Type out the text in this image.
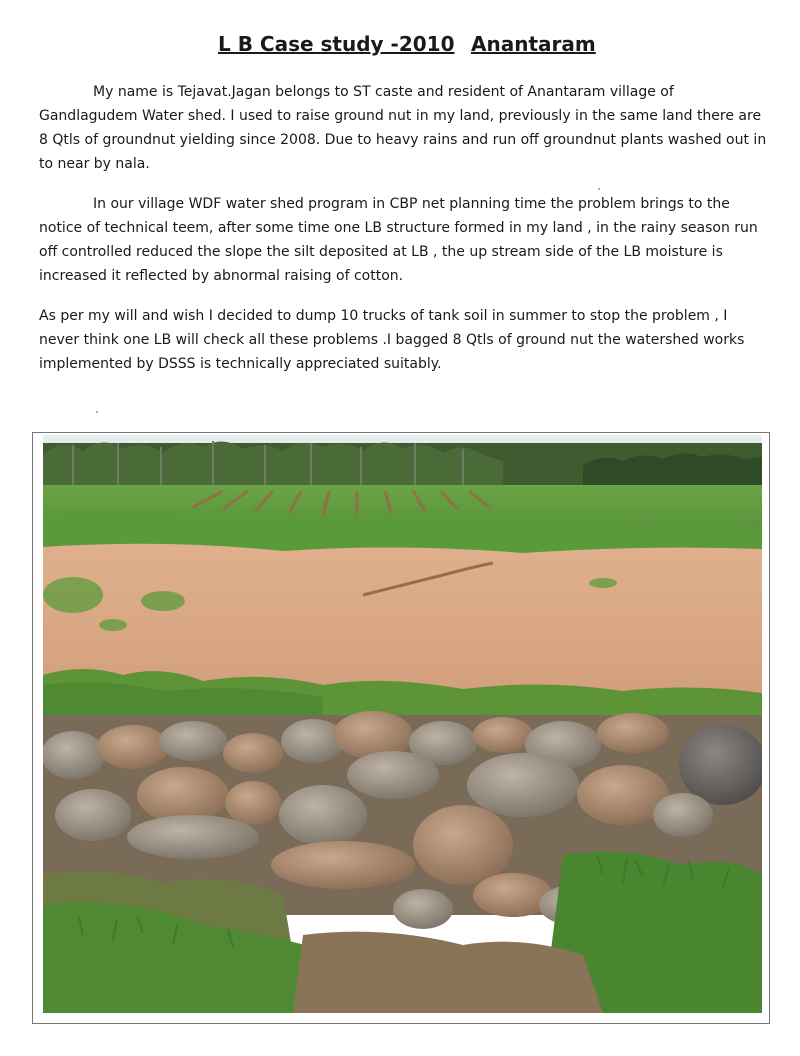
L B Case study -2010 Anantaram

My name is Tejavat.Jagan belongs to ST caste and resident of Anantaram village of Gandlagudem Water shed. I used to raise ground nut in my land, previously in the same land there are 8 Qtls of groundnut yielding since 2008. Due to heavy rains and run off groundnut plants washed out in to near by nala.

In our village WDF water shed program in CBP net planning time the problem brings to the notice of technical teem, after some time one LB structure formed in my land , in the rainy season run off controlled reduced the slope the silt deposited at LB , the up stream side of the LB moisture is increased it reflected by abnormal raising of cotton.

As per my will and wish I decided to dump 10 trucks of tank soil in summer to stop the problem , I never think one LB will check all these problems .I bagged 8 Qtls of ground nut the watershed works implemented by DSSS is technically appreciated suitably.
